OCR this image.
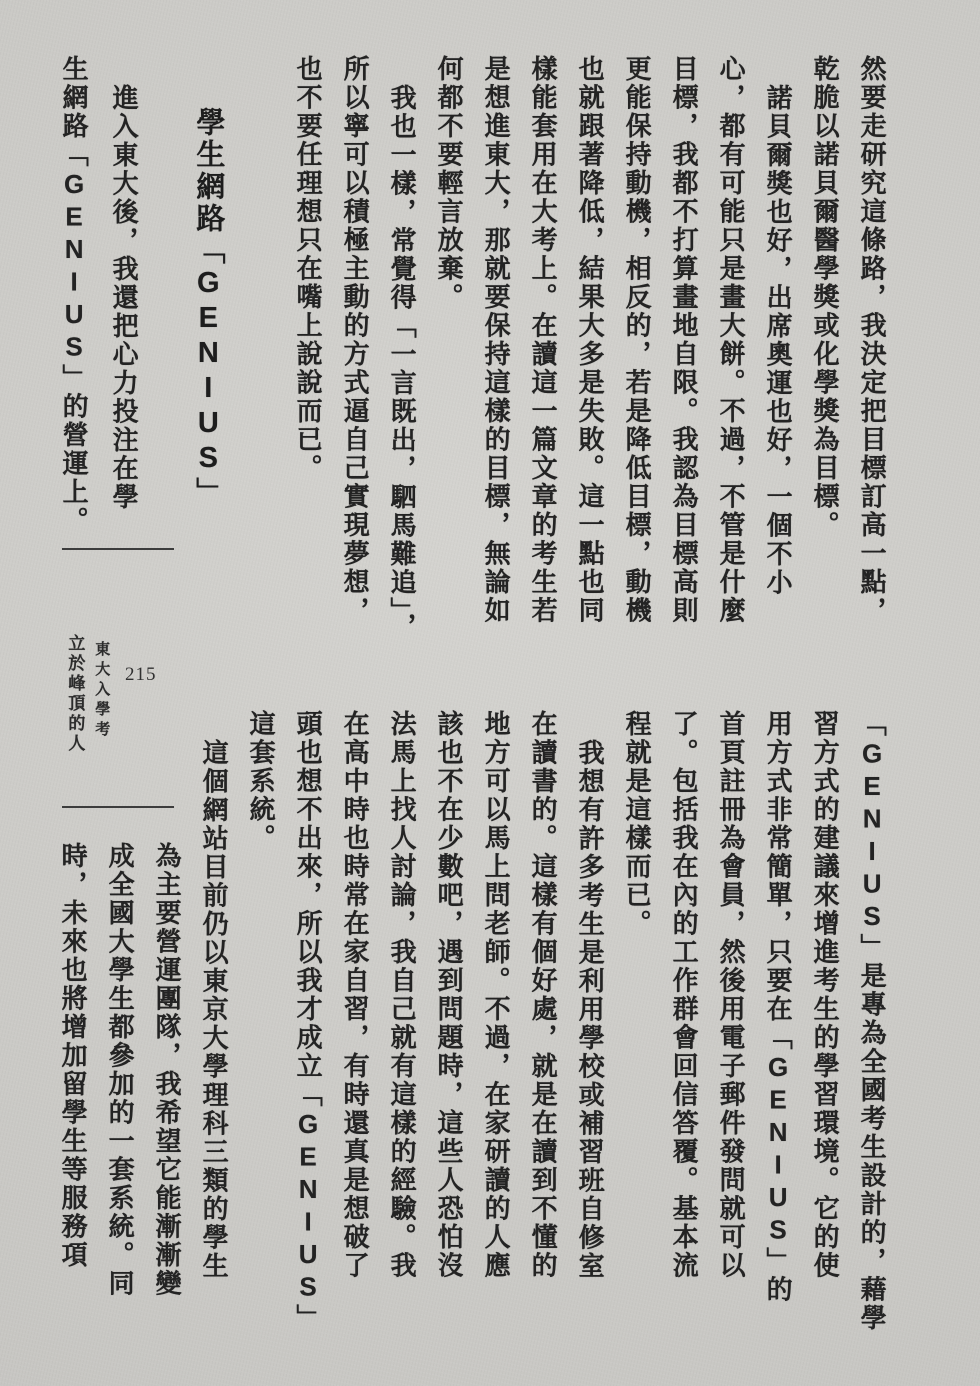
然要走研究這條路，我決定把目標訂高一點，
乾脆以諾貝爾醫學獎或化學獎為目標。
諾貝爾獎也好，出席奧運也好，一個不小
心，都有可能只是畫大餅。不過，不管是什麼
目標，我都不打算畫地自限。我認為目標高則
更能保持動機，相反的，若是降低目標，動機
也就跟著降低，結果大多是失敗。這一點也同
樣能套用在大考上。在讀這一篇文章的考生若
是想進東大，那就要保持這樣的目標，無論如
何都不要輕言放棄。
我也一樣，常覺得「一言既出，駟馬難追」，
所以寧可以積極主動的方式逼自己實現夢想，
也不要任理想只在嘴上說說而已。
學生網路「GENIUS」
進入東大後，我還把心力投注在學
生網路「GENIUS」的營運上。
215
東大入學考
立於峰頂的人
「GENIUS」是專為全國考生設計的，藉學
習方式的建議來增進考生的學習環境。它的使
用方式非常簡單，只要在「GENIUS」的
首頁註冊為會員，然後用電子郵件發問就可以
了。包括我在內的工作群會回信答覆。基本流
程就是這樣而已。
我想有許多考生是利用學校或補習班自修室
在讀書的。這樣有個好處，就是在讀到不懂的
地方可以馬上問老師。不過，在家研讀的人應
該也不在少數吧，遇到問題時，這些人恐怕沒
法馬上找人討論，我自己就有這樣的經驗。我
在高中時也時常在家自習，有時還真是想破了
頭也想不出來，所以我才成立「GENIUS」
這套系統。
這個網站目前仍以東京大學理科三類的學生
為主要營運團隊，我希望它能漸漸變
成全國大學生都參加的一套系統。同
時，未來也將增加留學生等服務項
